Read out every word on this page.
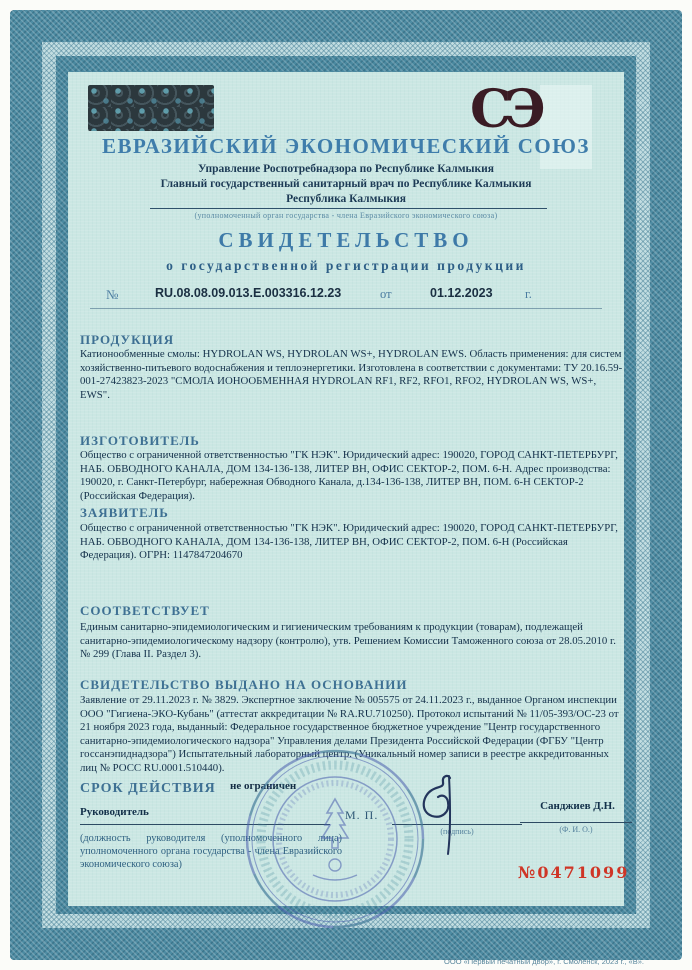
СЭ
ЕВРАЗИЙСКИЙ ЭКОНОМИЧЕСКИЙ СОЮЗ
Управление Роспотребнадзора по Республике Калмыкия
Главный государственный санитарный врач по Республике Калмыкия
Республика Калмыкия
(уполномоченный орган государства - члена Евразийского экономического союза)
СВИДЕТЕЛЬСТВО
о государственной регистрации продукции
№	RU.08.08.09.013.E.003316.12.23	от	01.12.2023	г.
ПРОДУКЦИЯ
Катионообменные смолы: HYDROLAN WS, HYDROLAN WS+, HYDROLAN EWS. Область применения: для систем хозяйственно-питьевого водоснабжения и теплоэнергетики. Изготовлена в соответствии с документами: ТУ 20.16.59-001-27423823-2023 "СМОЛА ИОНООБМЕННАЯ HYDROLAN RF1, RF2, RFO1, RFO2, HYDROLAN WS, WS+, EWS".
ИЗГОТОВИТЕЛЬ
Общество с ограниченной ответственностью "ГК НЭК". Юридический адрес: 190020, ГОРОД САНКТ-ПЕТЕРБУРГ, НАБ. ОБВОДНОГО КАНАЛА, ДОМ 134-136-138, ЛИТЕР ВН, ОФИС СЕКТОР-2, ПОМ. 6-Н. Адрес производства: 190020, г. Санкт-Петербург, набережная Обводного Канала, д.134-136-138, ЛИТЕР ВН, ПОМ. 6-Н СЕКТОР-2 (Российская Федерация).
ЗАЯВИТЕЛЬ
Общество с ограниченной ответственностью "ГК НЭК". Юридический адрес: 190020, ГОРОД САНКТ-ПЕТЕРБУРГ, НАБ. ОБВОДНОГО КАНАЛА, ДОМ 134-136-138, ЛИТЕР ВН, ОФИС СЕКТОР-2, ПОМ. 6-Н (Российская Федерация). ОГРН: 1147847204670
СООТВЕТСТВУЕТ
Единым санитарно-эпидемиологическим и гигиеническим требованиям к продукции (товарам), подлежащей санитарно-эпидемиологическому надзору (контролю), утв. Решением Комиссии Таможенного союза от 28.05.2010 г. № 299 (Глава II. Раздел 3).
СВИДЕТЕЛЬСТВО ВЫДАНО НА ОСНОВАНИИ
Заявление от 29.11.2023 г. № 3829. Экспертное заключение № 005575 от 24.11.2023 г., выданное Органом инспекции ООО "Гигиена-ЭКО-Кубань" (аттестат аккредитации № RA.RU.710250). Протокол испытаний № 11/05-393/ОС-23 от 21 ноября 2023 года, выданный: Федеральное государственное бюджетное учреждение "Центр государственного санитарно-эпидемиологического надзора" Управления делами Президента Российской Федерации (ФГБУ "Центр госсанэпиднадзора") Испытательный лабораторный центр. (Уникальный номер записи в реестре аккредитованных лиц № РОСС RU.0001.510440).
СРОК ДЕЙСТВИЯ не ограничен
Руководитель	М. П.
(подпись)
Санджиев Д.Н.
(Ф. И. О.)
(должность руководителя (уполномоченного лица) уполномоченного органа государства - члена Евразийского экономического союза)	№0471099
ООО «Первый печатный двор», г. Смоленск, 2023 г., «В».
